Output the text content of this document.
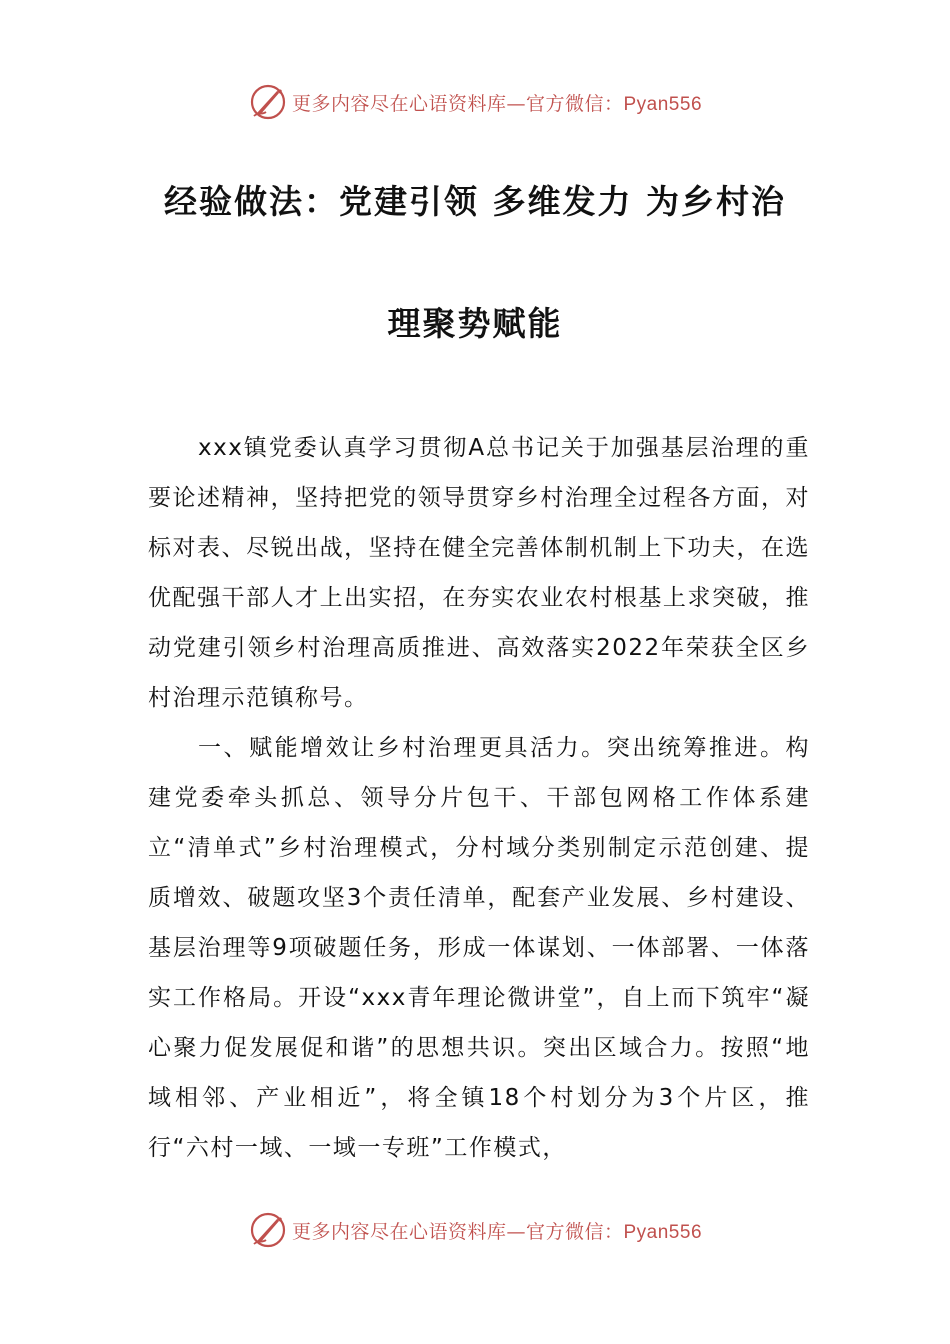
更多内容尽在心语资料库—官方微信：Pyan556
经验做法：党建引领 多维发力 为乡村治
理聚势赋能

xxx镇党委认真学习贯彻A总书记关于加强基层治理的重要论述精神，坚持把党的领导贯穿乡村治理全过程各方面，对标对表、尽锐出战，坚持在健全完善体制机制上下功夫，在选优配强干部人才上出实招，在夯实农业农村根基上求突破，推动党建引领乡村治理高质推进、高效落实2022年荣获全区乡村治理示范镇称号。

一、赋能增效让乡村治理更具活力。突出统筹推进。构建党委牵头抓总、领导分片包干、干部包网格工作体系建立“清单式”乡村治理模式，分村域分类别制定示范创建、提质增效、破题攻坚3个责任清单，配套产业发展、乡村建设、基层治理等9项破题任务，形成一体谋划、一体部署、一体落实工作格局。开设“xxx青年理论微讲堂”，自上而下筑牢“凝心聚力促发展促和谐”的思想共识。突出区域合力。按照“地域相邻、产业相近”，将全镇18个村划分为3个片区，推行“六村一域、一域一专班”工作模式，

更多内容尽在心语资料库—官方微信：Pyan556
